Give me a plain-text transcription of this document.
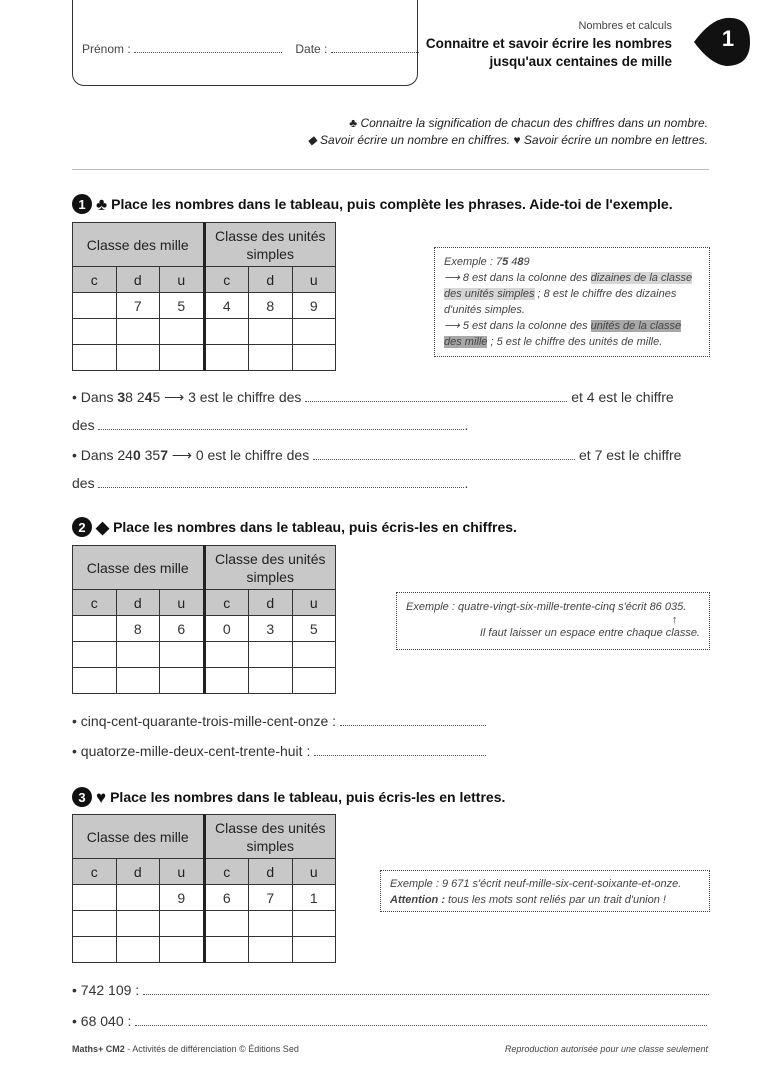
Prénom :	Date :
Nombres et calculs
Connaitre et savoir écrire les nombres
jusqu'aux centaines de mille
1
♣ Connaitre la signification de chacun des chiffres dans un nombre.
◆ Savoir écrire un nombre en chiffres. ♥ Savoir écrire un nombre en lettres.
1 ♣ Place les nombres dans le tableau, puis complète les phrases. Aide-toi de l'exemple.
Classe des mille			Classe des unités simples		
c	d	u	c	d	u
	7	5	4	8	9

Exemple : 75 489
⟶ 8 est dans la colonne des dizaines de la classe des unités simples ; 8 est le chiffre des dizaines d'unités simples.
⟶ 5 est dans la colonne des unités de la classe des mille ; 5 est le chiffre des unités de mille.
• Dans 38 245 ⟶ 3 est le chiffre des	et 4 est le chiffre
des	.
• Dans 240 357 ⟶ 0 est le chiffre des	et 7 est le chiffre
des	.
2 ◆ Place les nombres dans le tableau, puis écris-les en chiffres.
Classe des mille			Classe des unités simples		
c	d	u	c	d	u
	8	6	0	3	5

Exemple : quatre-vingt-six-mille-trente-cinq s'écrit 86 035.
↑
Il faut laisser un espace entre chaque classe.
• cinq-cent-quarante-trois-mille-cent-onze :
• quatorze-mille-deux-cent-trente-huit :
3 ♥ Place les nombres dans le tableau, puis écris-les en lettres.
Classe des mille			Classe des unités simples		
c	d	u	c	d	u
		9	6	7	1

Exemple : 9 671 s'écrit neuf-mille-six-cent-soixante-et-onze.
Attention : tous les mots sont reliés par un trait d'union !
• 742 109 :
• 68 040 :
Maths+ CM2 - Activités de différenciation © Éditions Sed	Reproduction autorisée pour une classe seulement
